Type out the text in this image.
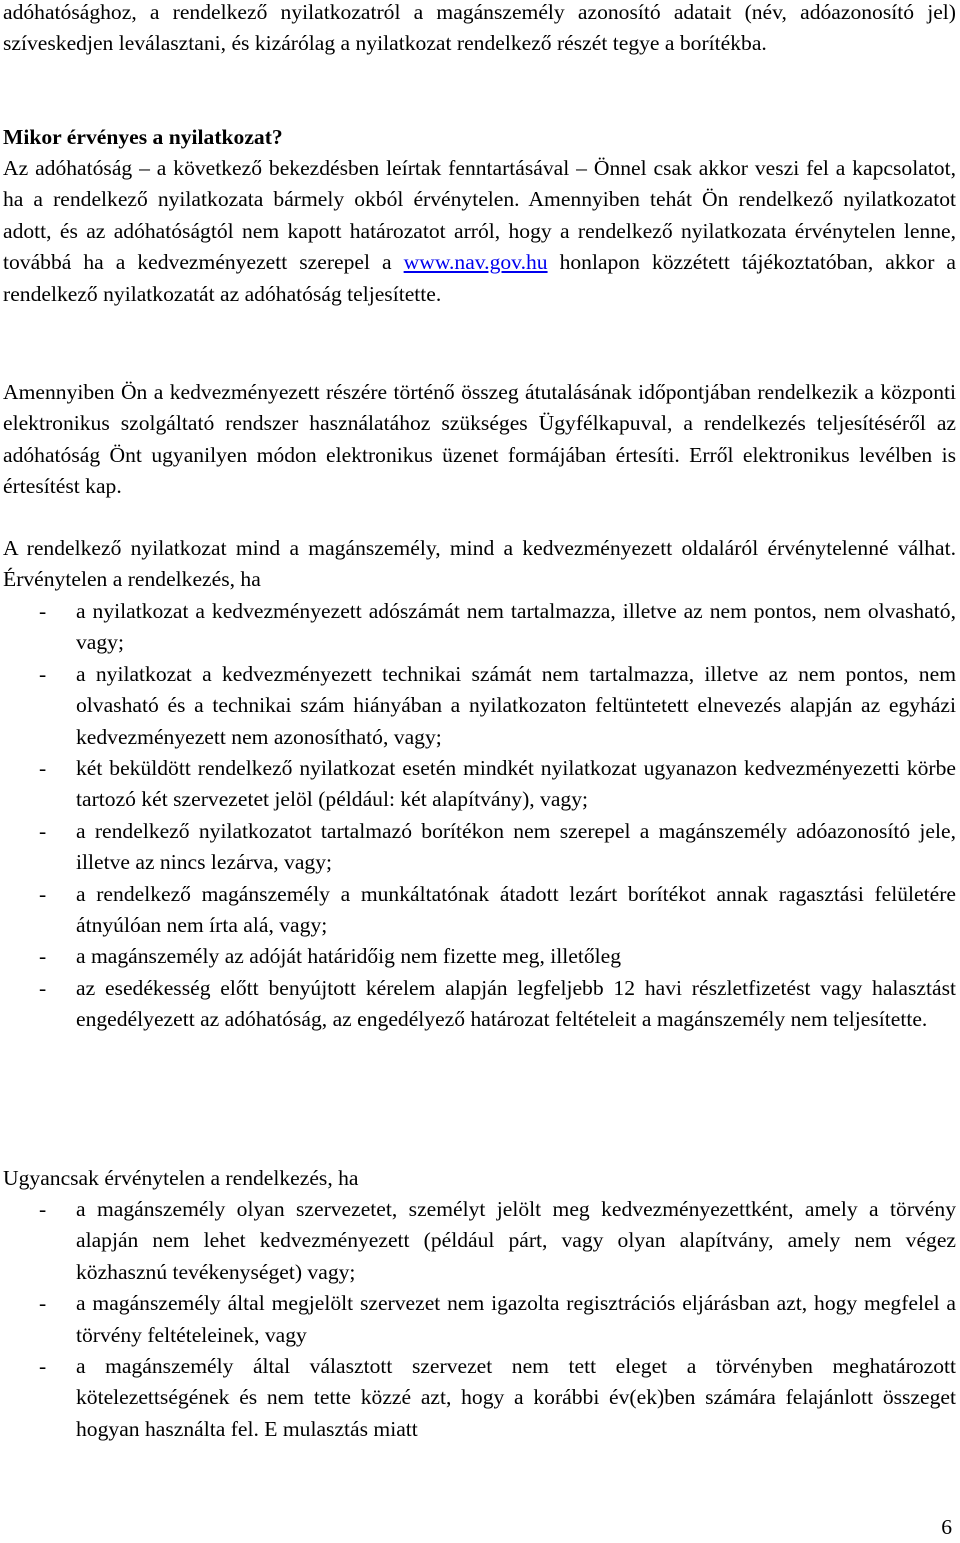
adóhatósághoz, a rendelkező nyilatkozatról a magánszemély azonosító adatait (név, adóazonosító jel) szíveskedjen leválasztani, és kizárólag a nyilatkozat rendelkező részét tegye a borítékba.

Mikor érvényes a nyilatkozat?

Az adóhatóság – a következő bekezdésben leírtak fenntartásával – Önnel csak akkor veszi fel a kapcsolatot, ha a rendelkező nyilatkozata bármely okból érvénytelen. Amennyiben tehát Ön rendelkező nyilatkozatot adott, és az adóhatóságtól nem kapott határozatot arról, hogy a rendelkező nyilatkozata érvénytelen lenne, továbbá ha a kedvezményezett szerepel a www.nav.gov.hu honlapon közzétett tájékoztatóban, akkor a rendelkező nyilatkozatát az adóhatóság teljesítette.

Amennyiben Ön a kedvezményezett részére történő összeg átutalásának időpontjában rendelkezik a központi elektronikus szolgáltató rendszer használatához szükséges Ügyfélkapuval, a rendelkezés teljesítéséről az adóhatóság Önt ugyanilyen módon elektronikus üzenet formájában értesíti. Erről elektronikus levélben is értesítést kap.

A rendelkező nyilatkozat mind a magánszemély, mind a kedvezményezett oldaláról érvénytelenné válhat. Érvénytelen a rendelkezés, ha

- a nyilatkozat a kedvezményezett adószámát nem tartalmazza, illetve az nem pontos, nem olvasható, vagy;
- a nyilatkozat a kedvezményezett technikai számát nem tartalmazza, illetve az nem pontos, nem olvasható és a technikai szám hiányában a nyilatkozaton feltüntetett elnevezés alapján az egyházi kedvezményezett nem azonosítható, vagy;
- két beküldött rendelkező nyilatkozat esetén mindkét nyilatkozat ugyanazon kedvezményezetti körbe tartozó két szervezetet jelöl (például: két alapítvány), vagy;
- a rendelkező nyilatkozatot tartalmazó borítékon nem szerepel a magánszemély adóazonosító jele, illetve az nincs lezárva, vagy;
- a rendelkező magánszemély a munkáltatónak átadott lezárt borítékot annak ragasztási felületére átnyúlóan nem írta alá, vagy;
- a magánszemély az adóját határidőig nem fizette meg, illetőleg
- az esedékesség előtt benyújtott kérelem alapján legfeljebb 12 havi részletfizetést vagy halasztást engedélyezett az adóhatóság, az engedélyező határozat feltételeit a magánszemély nem teljesítette.

Ugyancsak érvénytelen a rendelkezés, ha

- a magánszemély olyan szervezetet, személyt jelölt meg kedvezményezettként, amely a törvény alapján nem lehet kedvezményezett (például párt, vagy olyan alapítvány, amely nem végez közhasznú tevékenységet) vagy;
- a magánszemély által megjelölt szervezet nem igazolta regisztrációs eljárásban azt, hogy megfelel a törvény feltételeinek, vagy
- a magánszemély által választott szervezet nem tett eleget a törvényben meghatározott kötelezettségének és nem tette közzé azt, hogy a korábbi év(ek)ben számára felajánlott összeget hogyan használta fel. E mulasztás miatt
6
